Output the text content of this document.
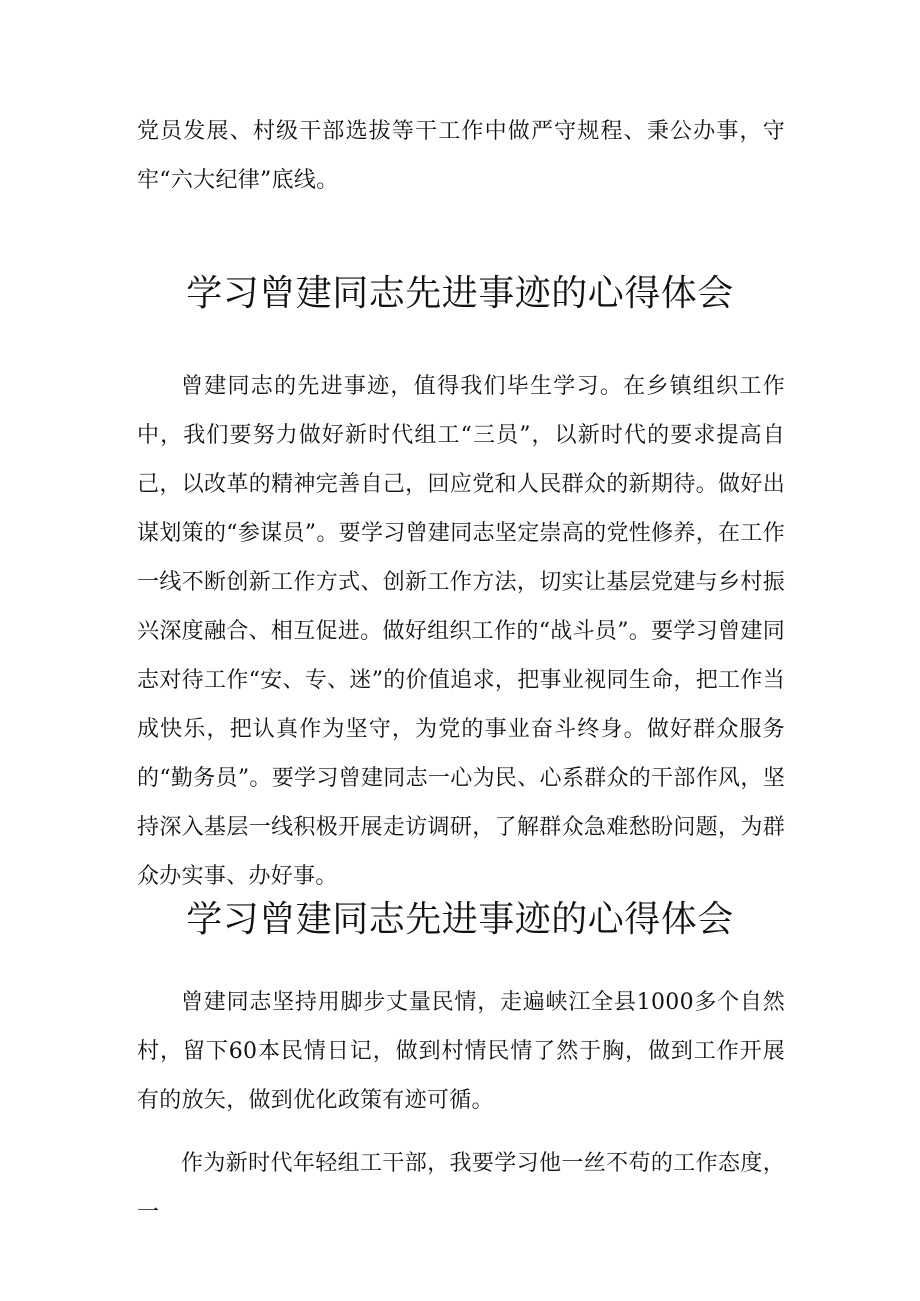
党员发展、村级干部选拔等干工作中做严守规程、秉公办事，守牢“六大纪律”底线。

学习曾建同志先进事迹的心得体会

曾建同志的先进事迹，值得我们毕生学习。在乡镇组织工作中，我们要努力做好新时代组工“三员”，以新时代的要求提高自己，以改革的精神完善自己，回应党和人民群众的新期待。做好出谋划策的“参谋员”。要学习曾建同志坚定崇高的党性修养，在工作一线不断创新工作方式、创新工作方法，切实让基层党建与乡村振兴深度融合、相互促进。做好组织工作的“战斗员”。要学习曾建同志对待工作“安、专、迷”的价值追求，把事业视同生命，把工作当成快乐，把认真作为坚守，为党的事业奋斗终身。做好群众服务的“勤务员”。要学习曾建同志一心为民、心系群众的干部作风，坚持深入基层一线积极开展走访调研，了解群众急难愁盼问题，为群众办实事、办好事。

学习曾建同志先进事迹的心得体会

曾建同志坚持用脚步丈量民情，走遍峡江全县1000多个自然村，留下60本民情日记，做到村情民情了然于胸，做到工作开展有的放矢，做到优化政策有迹可循。

作为新时代年轻组工干部，我要学习他一丝不苟的工作态度，一
